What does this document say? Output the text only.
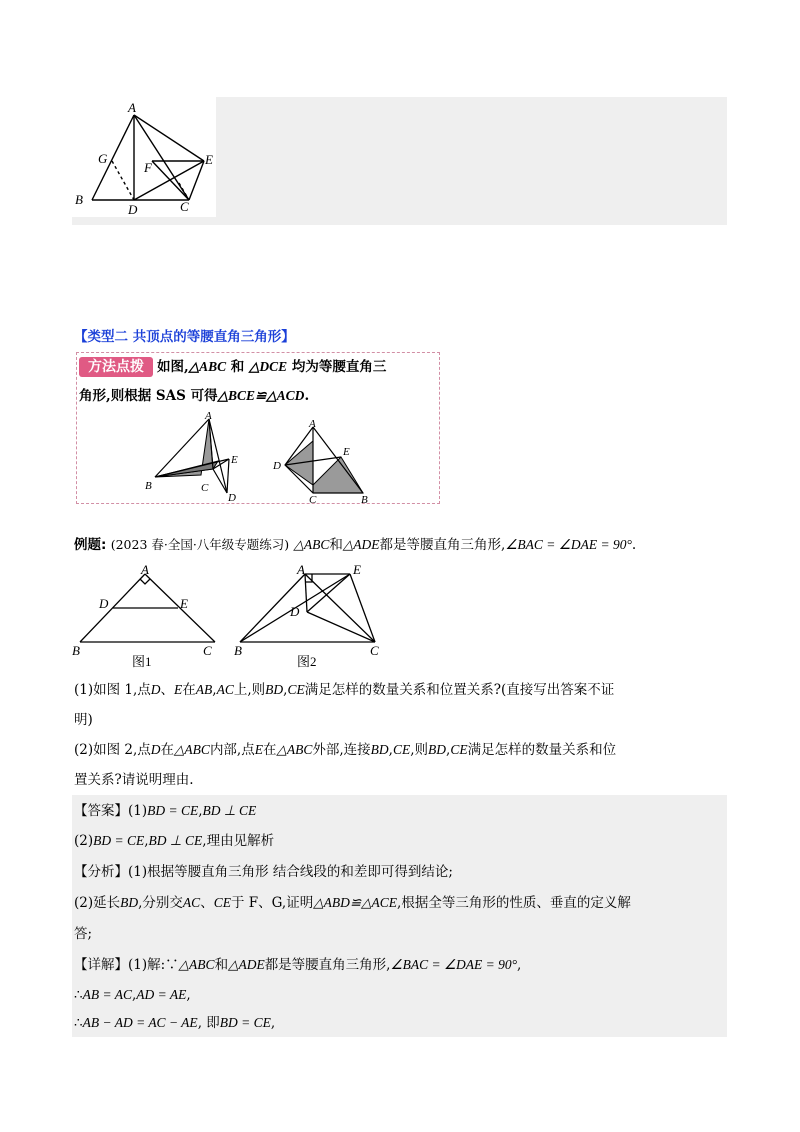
A
G
F
E
B
D	C
【类型二 共顶点的等腰直角三角形】
方法点拨 如图,△ABC 和 △DCE 均为等腰直角三
角形,则根据 SAS 可得△BCE≌△ACD.
A
E
B	C
D
A
D
E
C	B
例题: (2023 春·全国·八年级专题练习) △ABC和△ADE都是等腰直角三角形,∠BAC = ∠DAE = 90°.
A
D	E
B	C
图1
A	E
D
B	C
图2
(1)如图 1,点D、E在AB,AC上,则BD,CE满足怎样的数量关系和位置关系?(直接写出答案不证
明)
(2)如图 2,点D在△ABC内部,点E在△ABC外部,连接BD,CE,则BD,CE满足怎样的数量关系和位
置关系?请说明理由.
【答案】(1)BD = CE,BD ⊥ CE
(2)BD = CE,BD ⊥ CE,理由见解析
【分析】(1)根据等腰直角三角形 结合线段的和差即可得到结论;
(2)延长BD,分别交AC、CE于 F、G,证明△ABD≌△ACE,根据全等三角形的性质、垂直的定义解
答;
【详解】(1)解:∵△ABC和△ADE都是等腰直角三角形,∠BAC = ∠DAE = 90°,
∴AB = AC,AD = AE,
∴AB − AD = AC − AE, 即BD = CE,
